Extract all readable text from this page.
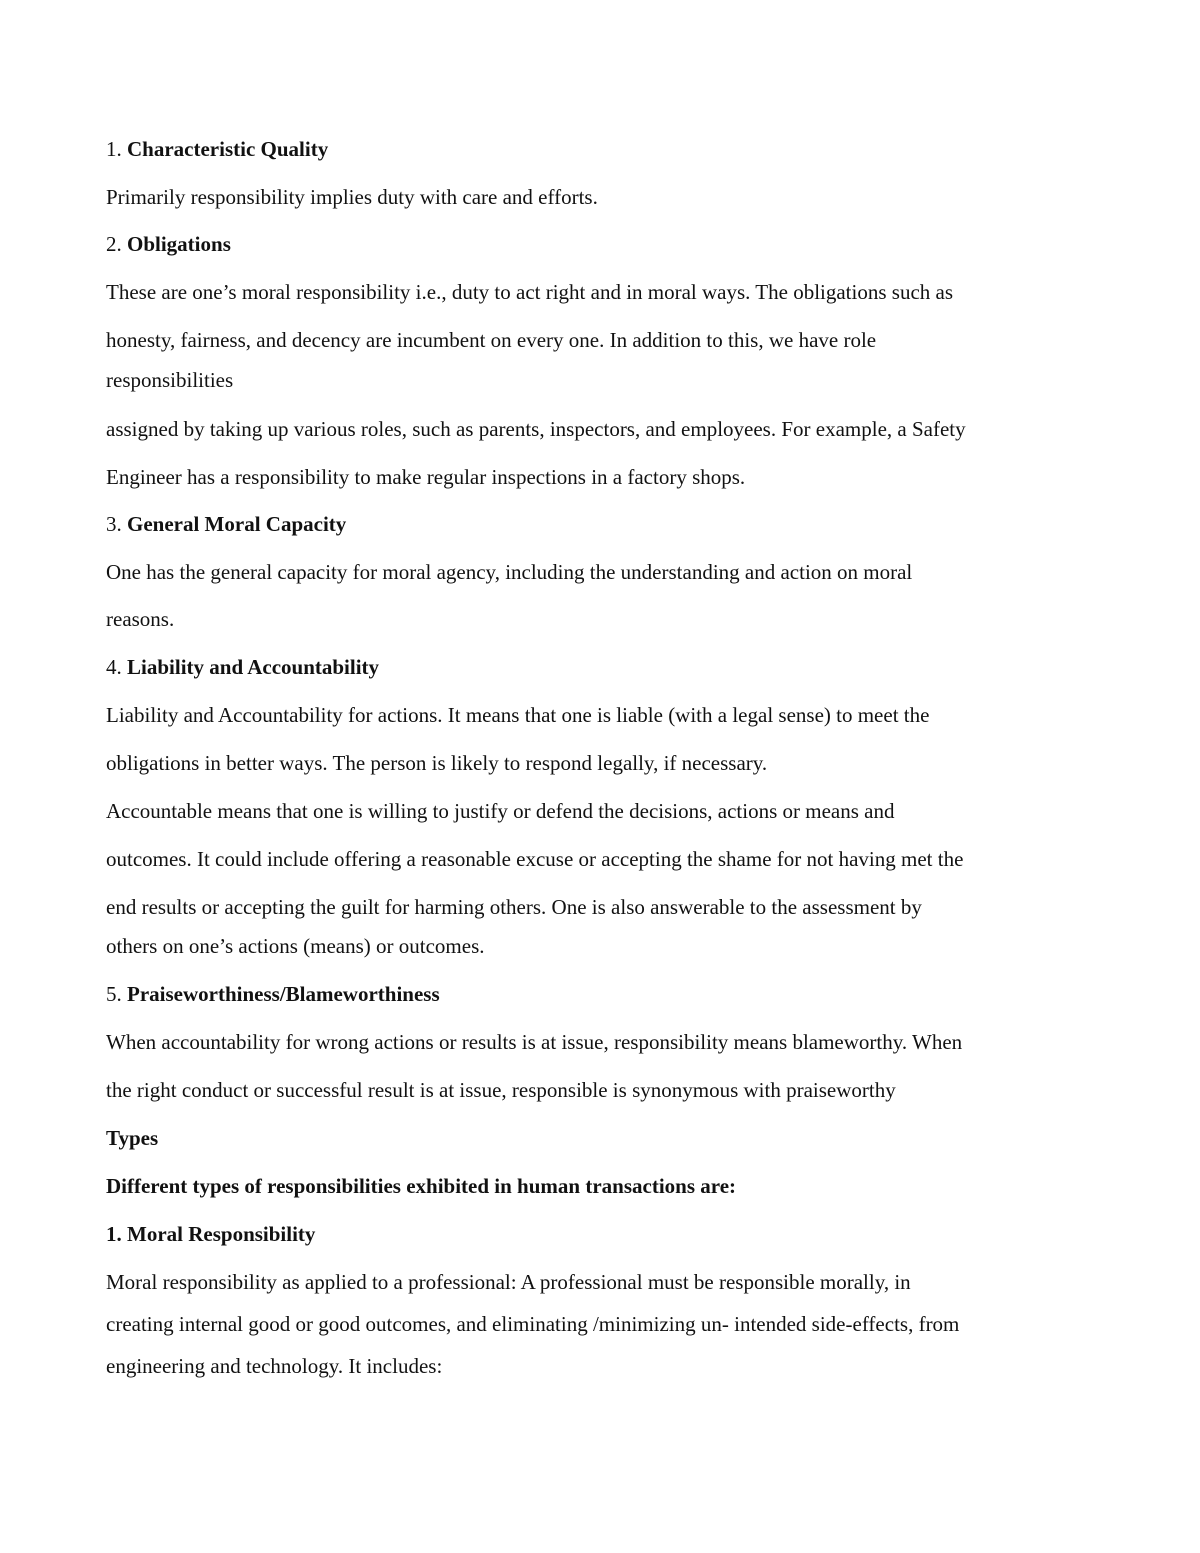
1. Characteristic Quality

Primarily responsibility implies duty with care and efforts.

2. Obligations

These are one’s moral responsibility i.e., duty to act right and in moral ways. The obligations such as

honesty, fairness, and decency are incumbent on every one. In addition to this, we have role

responsibilities

assigned by taking up various roles, such as parents, inspectors, and employees. For example, a Safety

Engineer has a responsibility to make regular inspections in a factory shops.

3. General Moral Capacity

One has the general capacity for moral agency, including the understanding and action on moral

reasons.

4. Liability and Accountability

Liability and Accountability for actions. It means that one is liable (with a legal sense) to meet the

obligations in better ways. The person is likely to respond legally, if necessary.

Accountable means that one is willing to justify or defend the decisions, actions or means and

outcomes. It could include offering a reasonable excuse or accepting the shame for not having met the

end results or accepting the guilt for harming others. One is also answerable to the assessment by

others on one’s actions (means) or outcomes.

5. Praiseworthiness/Blameworthiness

When accountability for wrong actions or results is at issue, responsibility means blameworthy. When

the right conduct or successful result is at issue, responsible is synonymous with praiseworthy

Types

Different types of responsibilities exhibited in human transactions are:

1. Moral Responsibility

Moral responsibility as applied to a professional: A professional must be responsible morally, in

creating internal good or good outcomes, and eliminating /minimizing un- intended side-effects, from

engineering and technology. It includes:
